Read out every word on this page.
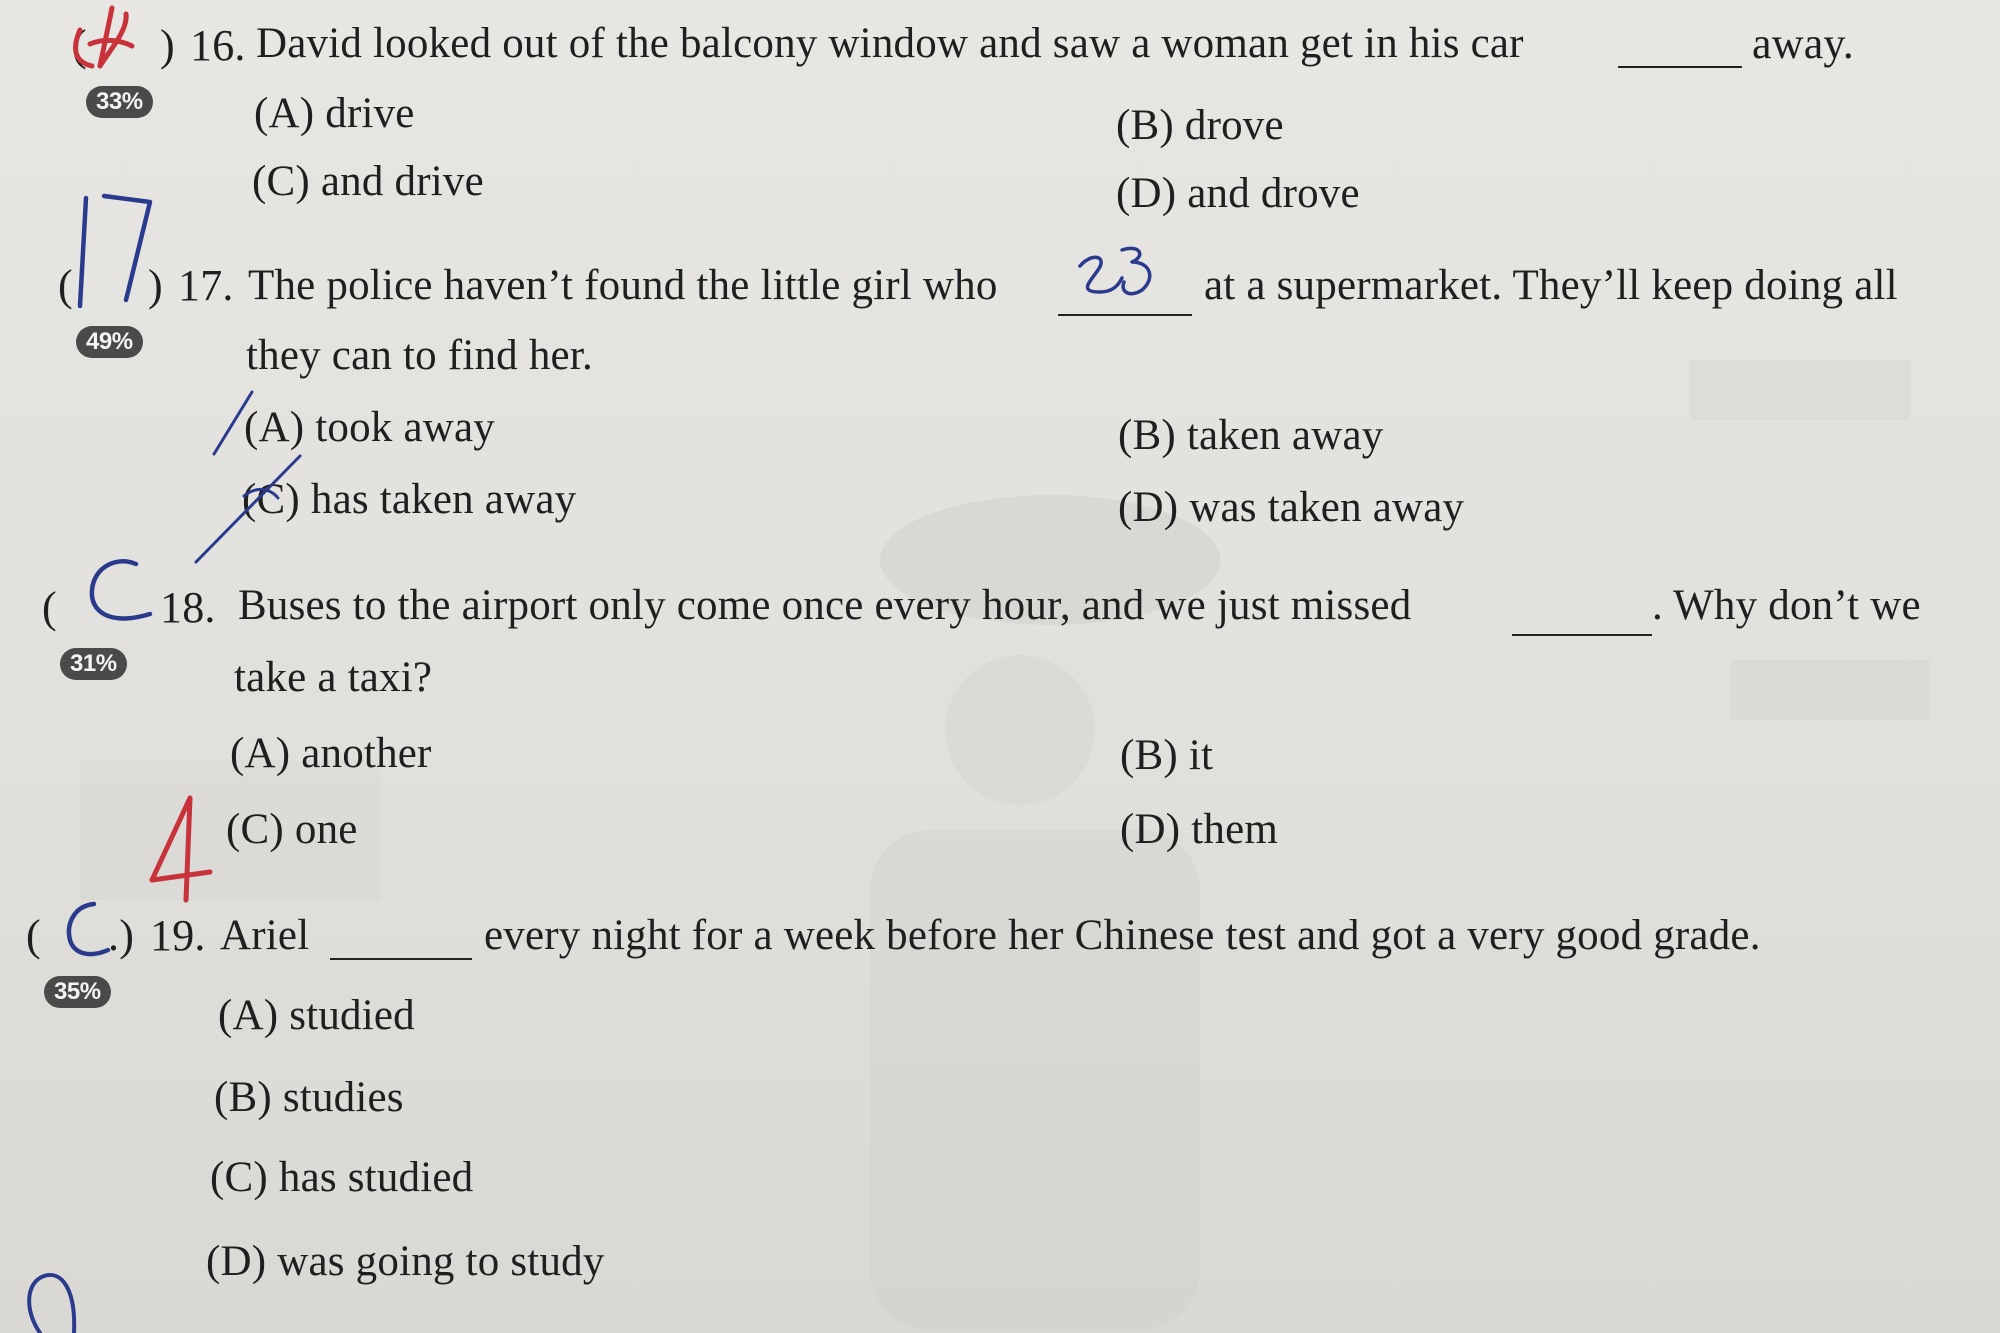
( ) 16. David looked out of the balcony window and saw a woman get in his car	away.
33%	(A) drive	(B) drove
(C) and drive	(D) and drove
( ) 17. The police haven’t found the little girl who	at a supermarket. They’ll keep doing all
they can to find her.
49%
(A) took away	(B) taken away
(C) has taken away	(D) was taken away
( 18. Buses to the airport only come once every hour, and we just missed	. Why don’t we
take a taxi?
31%
(A) another	(B) it
(C) one	(D) them
( .) 19. Ariel	every night for a week before her Chinese test and got a very good grade.
35%
(A) studied
(B) studies
(C) has studied
(D) was going to study
